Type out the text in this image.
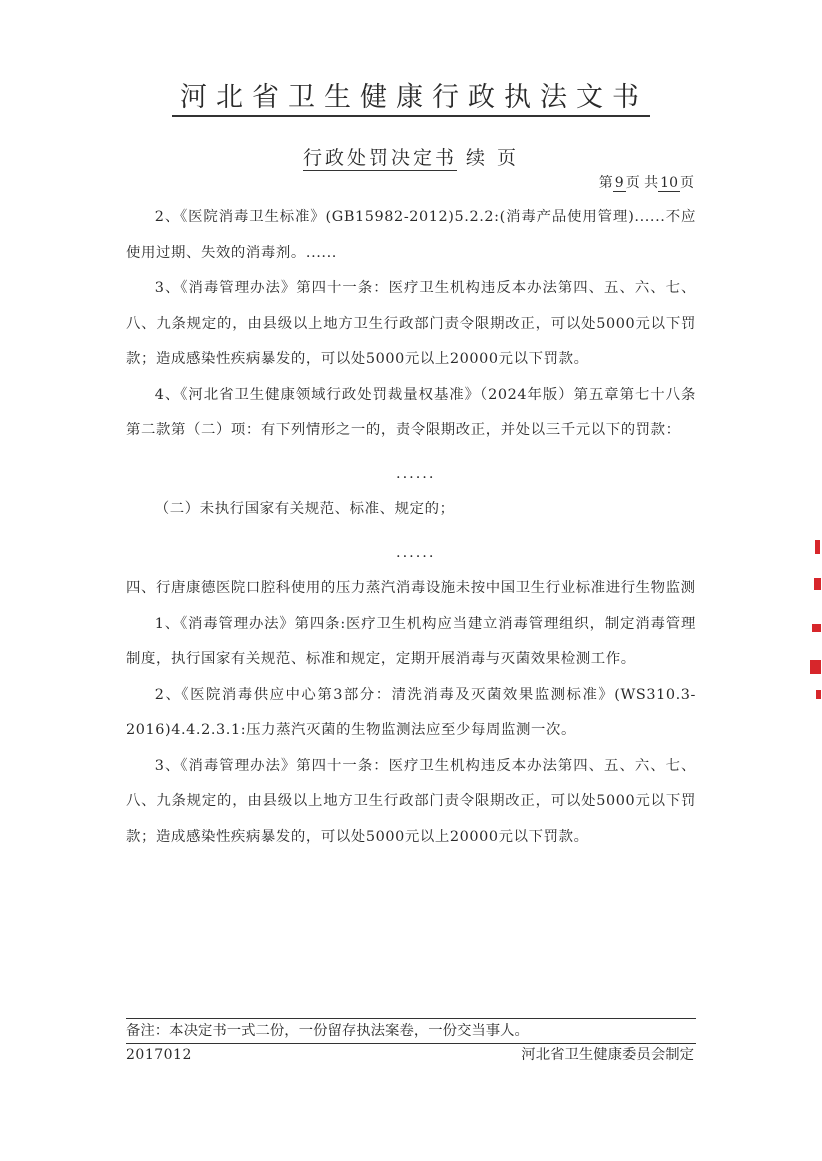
河北省卫生健康行政执法文书
行政处罚决定书 续 页
第 9 页 共 10 页

2、《医院消毒卫生标准》(GB15982-2012)5.2.2:(消毒产品使用管理)......不应使用过期、失效的消毒剂。......

3、《消毒管理办法》第四十一条：医疗卫生机构违反本办法第四、五、六、七、八、九条规定的，由县级以上地方卫生行政部门责令限期改正，可以处5000元以下罚款；造成感染性疾病暴发的，可以处5000元以上20000元以下罚款。

4、《河北省卫生健康领域行政处罚裁量权基准》（2024年版）第五章第七十八条第二款第（二）项：有下列情形之一的，责令限期改正，并处以三千元以下的罚款：

......

（二）未执行国家有关规范、标准、规定的；

......

四、行唐康德医院口腔科使用的压力蒸汽消毒设施未按中国卫生行业标准进行生物监测

1、《消毒管理办法》第四条:医疗卫生机构应当建立消毒管理组织，制定消毒管理制度，执行国家有关规范、标准和规定，定期开展消毒与灭菌效果检测工作。

2、《医院消毒供应中心第3部分：清洗消毒及灭菌效果监测标准》(WS310.3-2016)4.4.2.3.1:压力蒸汽灭菌的生物监测法应至少每周监测一次。

3、《消毒管理办法》第四十一条：医疗卫生机构违反本办法第四、五、六、七、八、九条规定的，由县级以上地方卫生行政部门责令限期改正，可以处5000元以下罚款；造成感染性疾病暴发的，可以处5000元以上20000元以下罚款。

备注：本决定书一式二份，一份留存执法案卷，一份交当事人。
2017012	河北省卫生健康委员会制定
